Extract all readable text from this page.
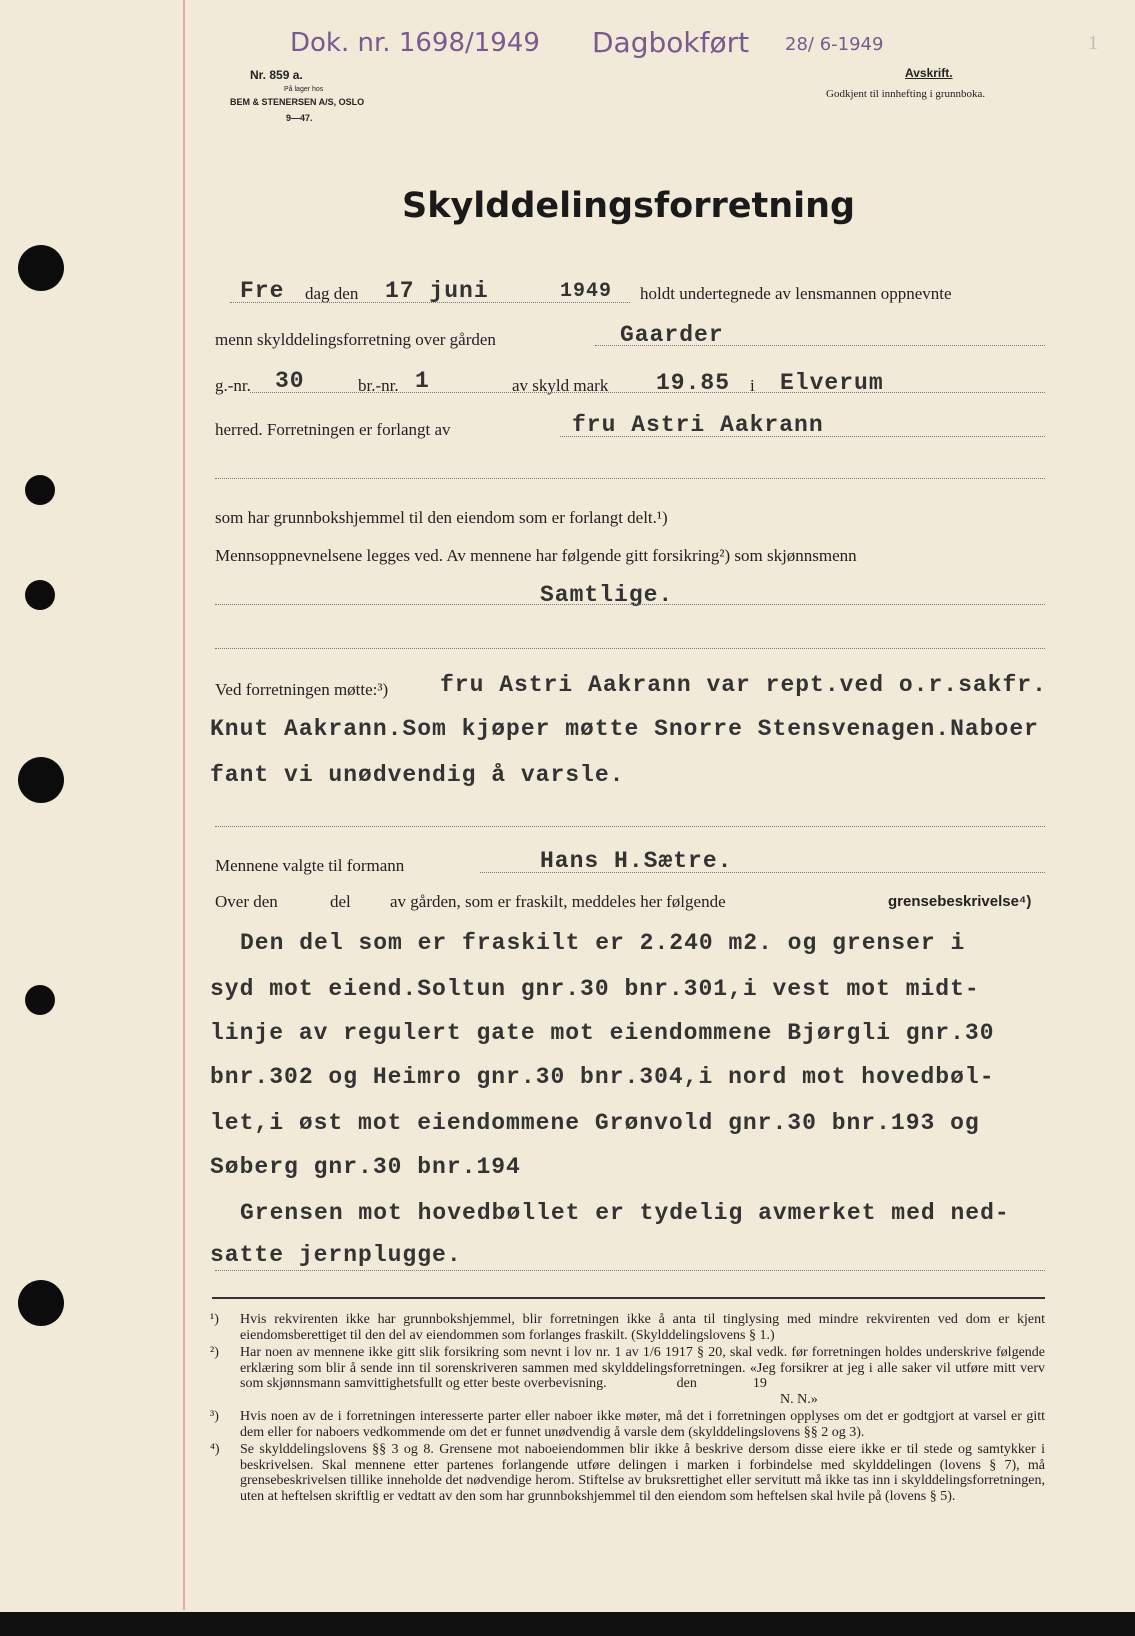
Dok. nr. 1698/1949 Dagbokført 28/ 6-1949
Nr. 859 a.
På lager hos
BEM & STENERSEN A/S, OSLO
9—47.
Avskrift.
Godkjent til innhefting i grunnboka.
1
Skylddelingsforretning
Fre dag den 17 juni	1949 holdt undertegnede av lensmannen oppnevnte
menn skylddelingsforretning over gården	Gaarder
g.-nr. 30	br.-nr. 1	av skyld mark 19.85 i Elverum
herred. Forretningen er forlangt av	fru Astri Aakrann
som har grunnbokshjemmel til den eiendom som er forlangt delt.¹)
Mennsoppnevnelsene legges ved. Av mennene har følgende gitt forsikring²) som skjønnsmenn
Samtlige.
Ved forretningen møtte:³) fru Astri Aakrann var rept.ved o.r.sakfr.
Knut Aakrann.Som kjøper møtte Snorre Stensvenagen.Naboer
fant vi unødvendig å varsle.
Mennene valgte til formann	Hans H.Sætre.
Over den	del av gården, som er fraskilt, meddeles her følgende	grensebeskrivelse⁴)
Den del som er fraskilt er 2.240 m2. og grenser i
syd mot eiend.Soltun gnr.30 bnr.301,i vest mot midt-
linje av regulert gate mot eiendommene Bjørgli gnr.30
bnr.302 og Heimro gnr.30 bnr.304,i nord mot hovedbøl-
let,i øst mot eiendommene Grønvold gnr.30 bnr.193 og
Søberg gnr.30 bnr.194
Grensen mot hovedbøllet er tydelig avmerket med ned-
satte jernplugge.
¹) Hvis rekvirenten ikke har grunnbokshjemmel, blir forretningen ikke å anta til tinglysing med mindre rekvirenten ved dom er kjent eiendomsberettiget til den del av eiendommen som forlanges fraskilt. (Skylddelingslovens § 1.)
²) Har noen av mennene ikke gitt slik forsikring som nevnt i lov nr. 1 av 1/6 1917 § 20, skal vedk. før forretningen holdes underskrive følgende erklæring som blir å sende inn til sorenskriveren sammen med skylddelingsforretningen. «Jeg forsikrer at jeg i alle saker vil utføre mitt verv som skjønnsmann samvittighetsfullt og etter beste overbevisning.                    den                19
N. N.»
³) Hvis noen av de i forretningen interesserte parter eller naboer ikke møter, må det i forretningen opplyses om det er godtgjort at varsel er gitt dem eller for naboers vedkommende om det er funnet unødvendig å varsle dem (skylddelingslovens §§ 2 og 3).
⁴) Se skylddelingslovens §§ 3 og 8. Grensene mot naboeiendommen blir ikke å beskrive dersom disse eiere ikke er til stede og samtykker i beskrivelsen. Skal mennene etter partenes forlangende utføre delingen i marken i forbindelse med skylddelingen (lovens § 7), må grensebeskrivelsen tillike inneholde det nødvendige herom. Stiftelse av bruksrettighet eller servitutt må ikke tas inn i skylddelingsforretningen, uten at heftelsen skriftlig er vedtatt av den som har grunnbokshjemmel til den eiendom som heftelsen skal hvile på (lovens § 5).
